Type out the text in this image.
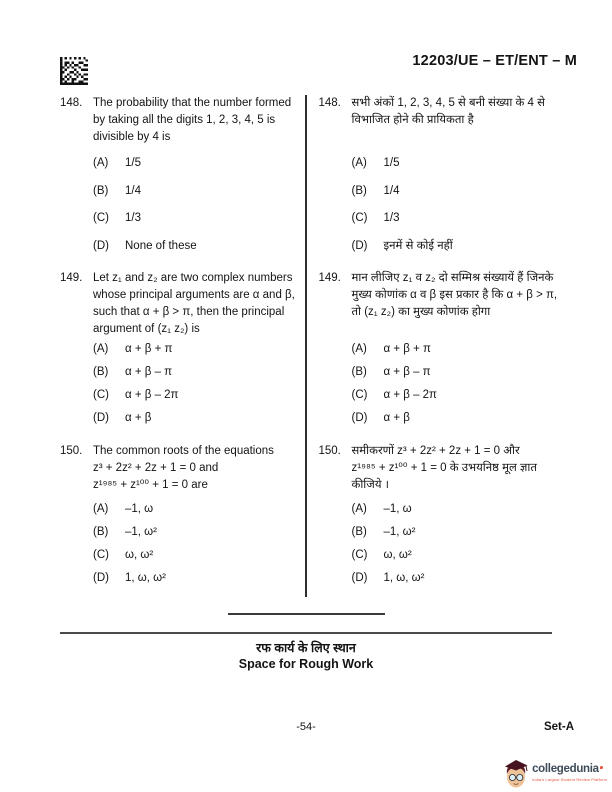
12203/UE – ET/ENT – M
148. The probability that the number formed
by taking all the digits 1, 2, 3, 4, 5 is
divisible by 4 is
(A)	1/5
(B)	1/4
(C)	1/3
(D)	None of these
149. Let z₁ and z₂ are two complex numbers
whose principal arguments are α and β,
such that α + β > π, then the principal
argument of (z₁ z₂) is
(A)	α + β + π
(B)	α + β – π
(C)	α + β – 2π
(D)	α + β
150. The common roots of the equations
z³ + 2z² + 2z + 1 = 0 and
z¹⁹⁸⁵ + z¹⁰⁰ + 1 = 0 are
(A)	–1, ω
(B)	–1, ω²
(C)	ω, ω²
(D)	1, ω, ω²
148. सभी अंकों 1, 2, 3, 4, 5 से बनी संख्या के 4 से
विभाजित होने की प्रायिकता है
(A)	1/5
(B)	1/4
(C)	1/3
(D)	इनमें से कोई नहीं
149. मान लीजिए z₁ व z₂ दो सम्मिश्र संख्यायें हैं जिनके
मुख्य कोणांक α व β इस प्रकार है कि α + β > π,
तो (z₁ z₂) का मुख्य कोणांक होगा
(A)	α + β + π
(B)	α + β – π
(C)	α + β – 2π
(D)	α + β
150. समीकरणों z³ + 2z² + 2z + 1 = 0 और
z¹⁹⁸⁵ + z¹⁰⁰ + 1 = 0 के उभयनिष्ठ मूल ज्ञात
कीजिये ।
(A)	–1, ω
(B)	–1, ω²
(C)	ω, ω²
(D)	1, ω, ω²
रफ कार्य के लिए स्थान
Space for Rough Work
-54-	Set-A
collegedunia
India's Largest Student Review Platform
